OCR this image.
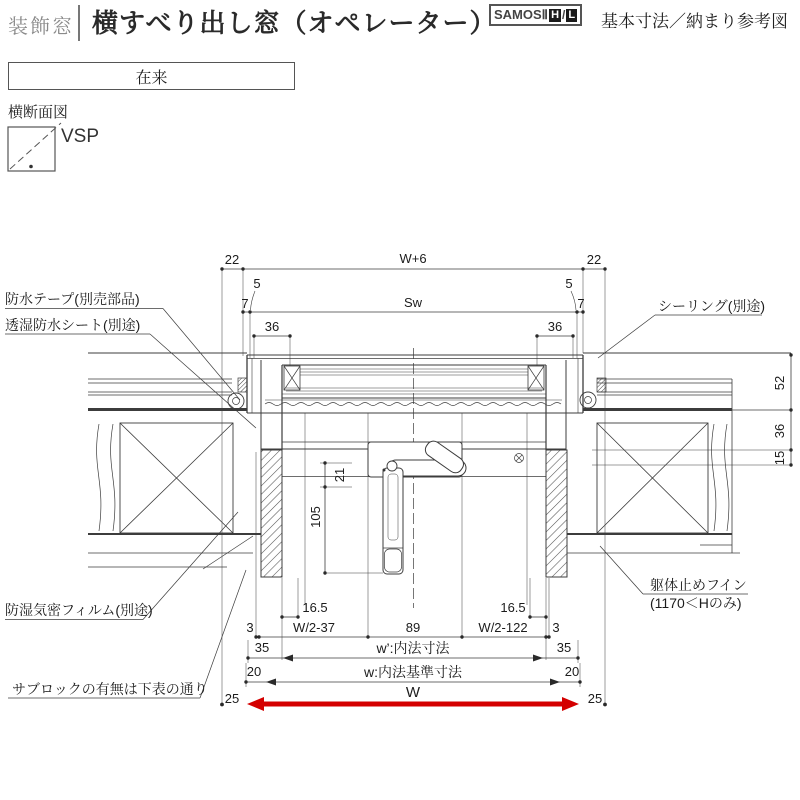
装飾窓 横すべり出し窓（オペレーター）
SAMOSⅡ H / L 基本寸法／納まり参考図
在来
横断面図
VSP
22	W+6	22
5	5
7	Sw	7
36	36
52
36
15
21
105
16.5	16.5
3	W/2-37	89	W/2-122 3
35	w’:内法寸法	35
20	w:内法基準寸法	20
25	W	25
防水テープ(別売部品)
透湿防水シート(別途)
シーリング(別途)
躯体止めフイン
(1170＜Hのみ)
防湿気密フィルム(別途)
サブロックの有無は下表の通り
